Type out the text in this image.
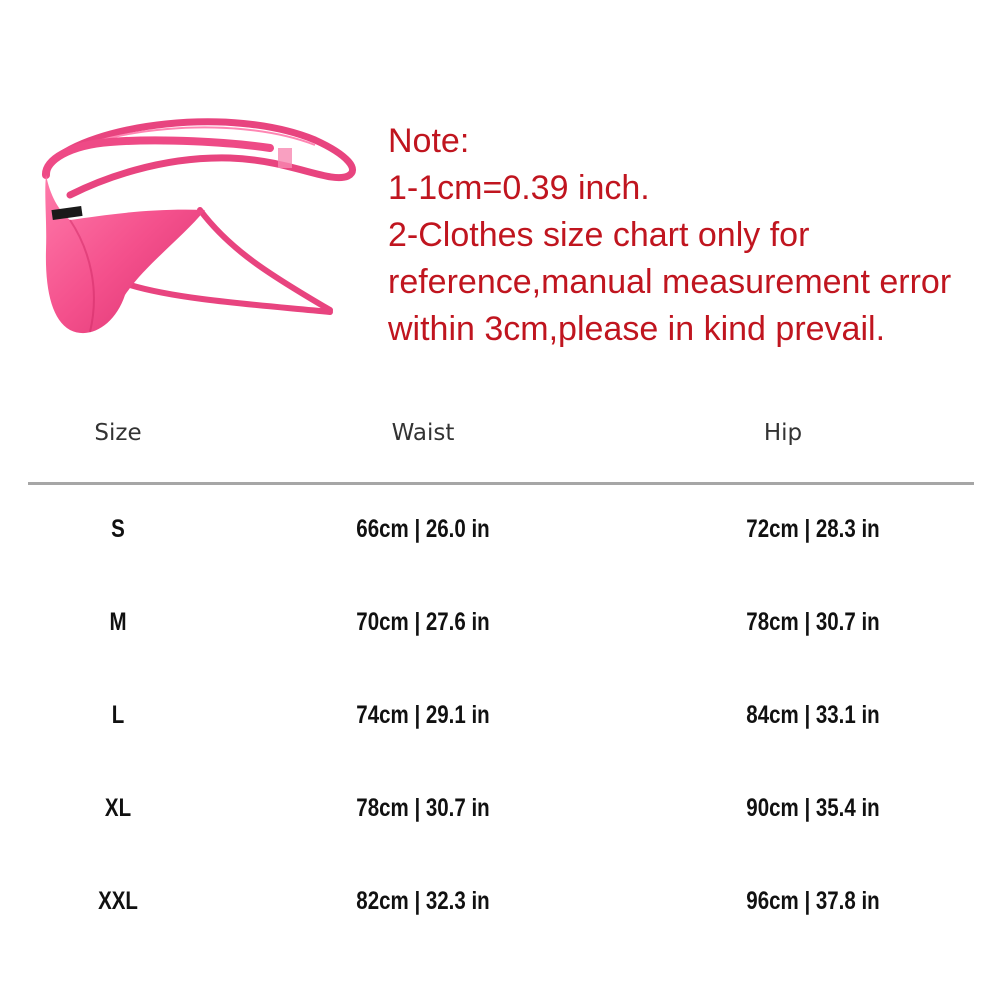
Note:
1-1cm=0.39 inch.
2-Clothes size chart only for
reference,manual measurement error
within 3cm,please in kind prevail.
Size	Waist	Hip
S	66cm | 26.0 in	72cm | 28.3 in
M	70cm | 27.6 in	78cm | 30.7 in
L	74cm | 29.1 in	84cm | 33.1 in
XL	78cm | 30.7 in	90cm | 35.4 in
XXL	82cm | 32.3 in	96cm | 37.8 in
